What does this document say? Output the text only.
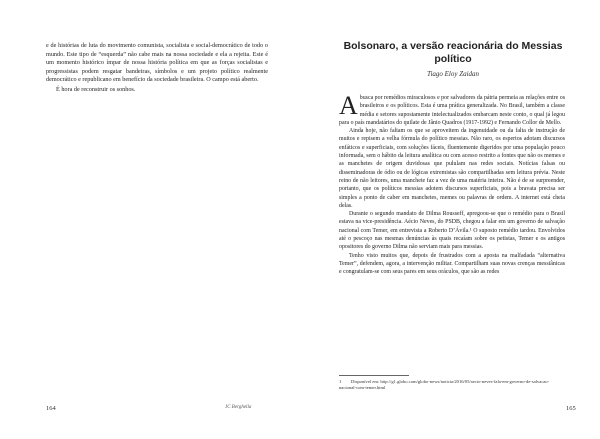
e de histórias de luta do movimento comunista, socialista e social-democrático de todo o mundo. Este tipo de “esquerda” não cabe mais na nossa sociedade e ela a rejeita. Este é um momento histórico ímpar de nossa história política em que as forças socialistas e progressistas podem resgatar bandeiras, símbolos e um projeto político realmente democrático e republicano em benefício da sociedade brasileira. O campo está aberto.

É hora de reconstruir os sonhos.

164	JC Berghella
Bolsonaro, a versão reacionária do Messias político
Tiago Eloy Zaidan

Abusca por remédios miraculosos e por salvadores da pátria permeia as relações entre os brasileiros e os políticos. Esta é uma prática generalizada. No Brasil, também a classe média e setores supostamente intelectualizados embarcam neste conto, o qual já legou para o país mandatários do quilate de Jânio Quadros (1917-1992) e Fernando Collor de Mello.

Ainda hoje, não faltam os que se aproveitem da ingenuidade ou da falta de instrução de muitos e repisem a velha fórmula do político messias. Não raro, os espertos adotam discursos enfáticos e superficiais, com soluções fáceis, fluentemente digeridos por uma população pouco informada, sem o hábito da leitura analítica ou com acesso restrito a fontes que não os memes e as manchetes de origem duvidosas que pululam nas redes sociais. Notícias falsas ou disseminadoras de ódio ou de lógicas extremistas são compartilhadas sem leitura prévia. Neste reino de não leitores, uma manchete faz a vez de uma matéria inteira. Não é de se surpreender, portanto, que os políticos messias adotem discursos superficiais, pois a bravata precisa ser simples a ponto de caber em manchetes, memes ou palavras de ordem. A internet está cheia delas.

Durante o segundo mandato de Dilma Rousseff, apregoou-se que o remédio para o Brasil estava na vice-presidência. Aécio Neves, do PSDB, chegou a falar em um governo de salvação nacional com Temer, em entrevista a Roberto D’Ávila.¹ O suposto remédio tardou. Envolvidos até o pescoço nas mesmas denúncias às quais recaíam sobre os petistas, Temer e os antigos opositores do governo Dilma não serviam mais para messias.

Tenho visto muitos que, depois de frustrados com a aposta na malfadada “alternativa Temer”, defendem, agora, a intervenção militar. Compartilham suas novas crenças messiânicas e congratulam-se com seus pares em seus oráculos, que são as redes

1 Disponível em: http://g1.globo.com/globo-news/noticia/2016/05/aecio-neves-fala-em-governo-de-salvacao-nacional-com-temer.html
165
